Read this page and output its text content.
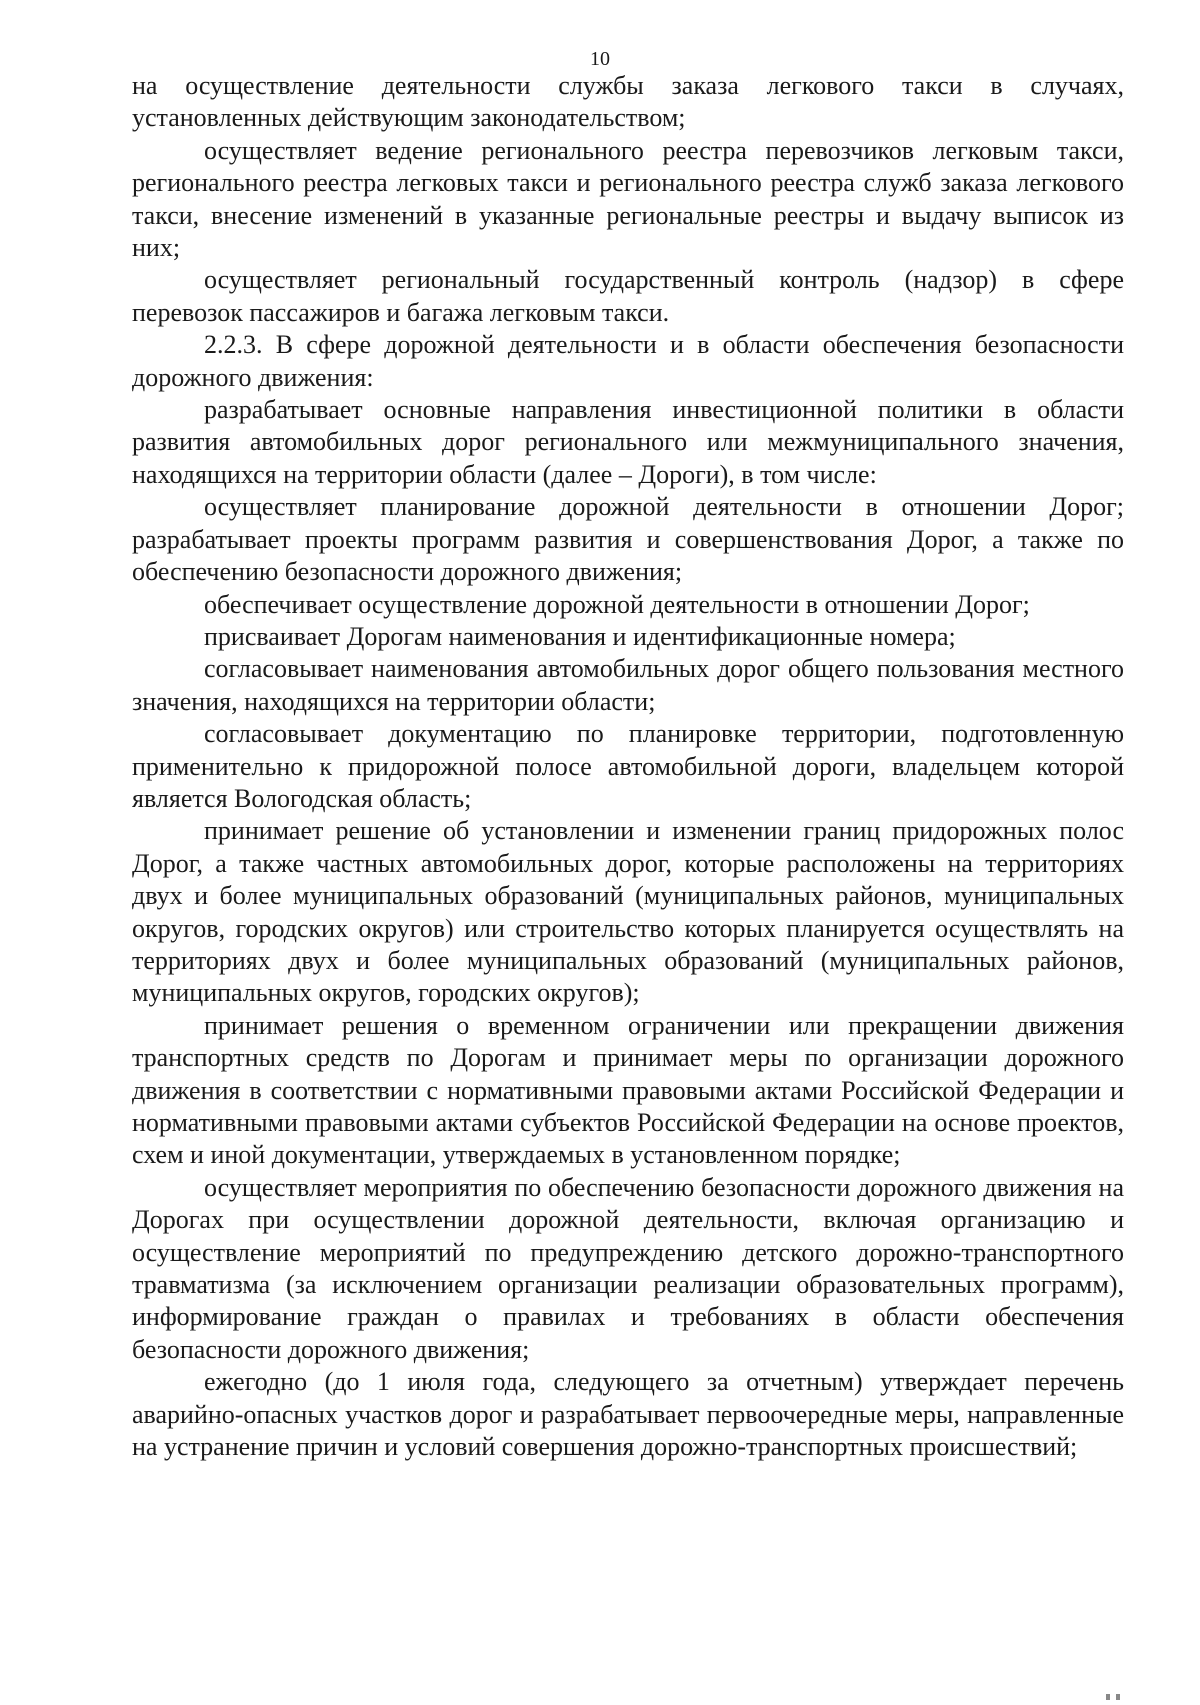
10

на осуществление деятельности службы заказа легкового такси в случаях, установленных действующим законодательством;

осуществляет ведение регионального реестра перевозчиков легковым такси, регионального реестра легковых такси и регионального реестра служб заказа легкового такси, внесение изменений в указанные региональные реестры и выдачу выписок из них;

осуществляет региональный государственный контроль (надзор) в сфере перевозок пассажиров и багажа легковым такси.

2.2.3. В сфере дорожной деятельности и в области обеспечения безопасности дорожного движения:

разрабатывает основные направления инвестиционной политики в области развития автомобильных дорог регионального или межмуниципального значения, находящихся на территории области (далее – Дороги), в том числе:

осуществляет планирование дорожной деятельности в отношении Дорог; разрабатывает проекты программ развития и совершенствования Дорог, а также по обеспечению безопасности дорожного движения;

обеспечивает осуществление дорожной деятельности в отношении Дорог;

присваивает Дорогам наименования и идентификационные номера;

согласовывает наименования автомобильных дорог общего пользования местного значения, находящихся на территории области;

согласовывает документацию по планировке территории, подготовленную применительно к придорожной полосе автомобильной дороги, владельцем которой является Вологодская область;

принимает решение об установлении и изменении границ придорожных полос Дорог, а также частных автомобильных дорог, которые расположены на территориях двух и более муниципальных образований (муниципальных районов, муниципальных округов, городских округов) или строительство которых планируется осуществлять на территориях двух и более муниципальных образований (муниципальных районов, муниципальных округов, городских округов);

принимает решения о временном ограничении или прекращении движения транспортных средств по Дорогам и принимает меры по организации дорожного движения в соответствии с нормативными правовыми актами Российской Федерации и нормативными правовыми актами субъектов Российской Федерации на основе проектов, схем и иной документации, утверждаемых в установленном порядке;

осуществляет мероприятия по обеспечению безопасности дорожного движения на Дорогах при осуществлении дорожной деятельности, включая организацию и осуществление мероприятий по предупреждению детского дорожно-транспортного травматизма (за исключением организации реализации образовательных программ), информирование граждан о правилах и требованиях в области обеспечения безопасности дорожного движения;

ежегодно (до 1 июля года, следующего за отчетным) утверждает перечень аварийно-опасных участков дорог и разрабатывает первоочередные меры, направленные на устранение причин и условий совершения дорожно-транспортных происшествий;
